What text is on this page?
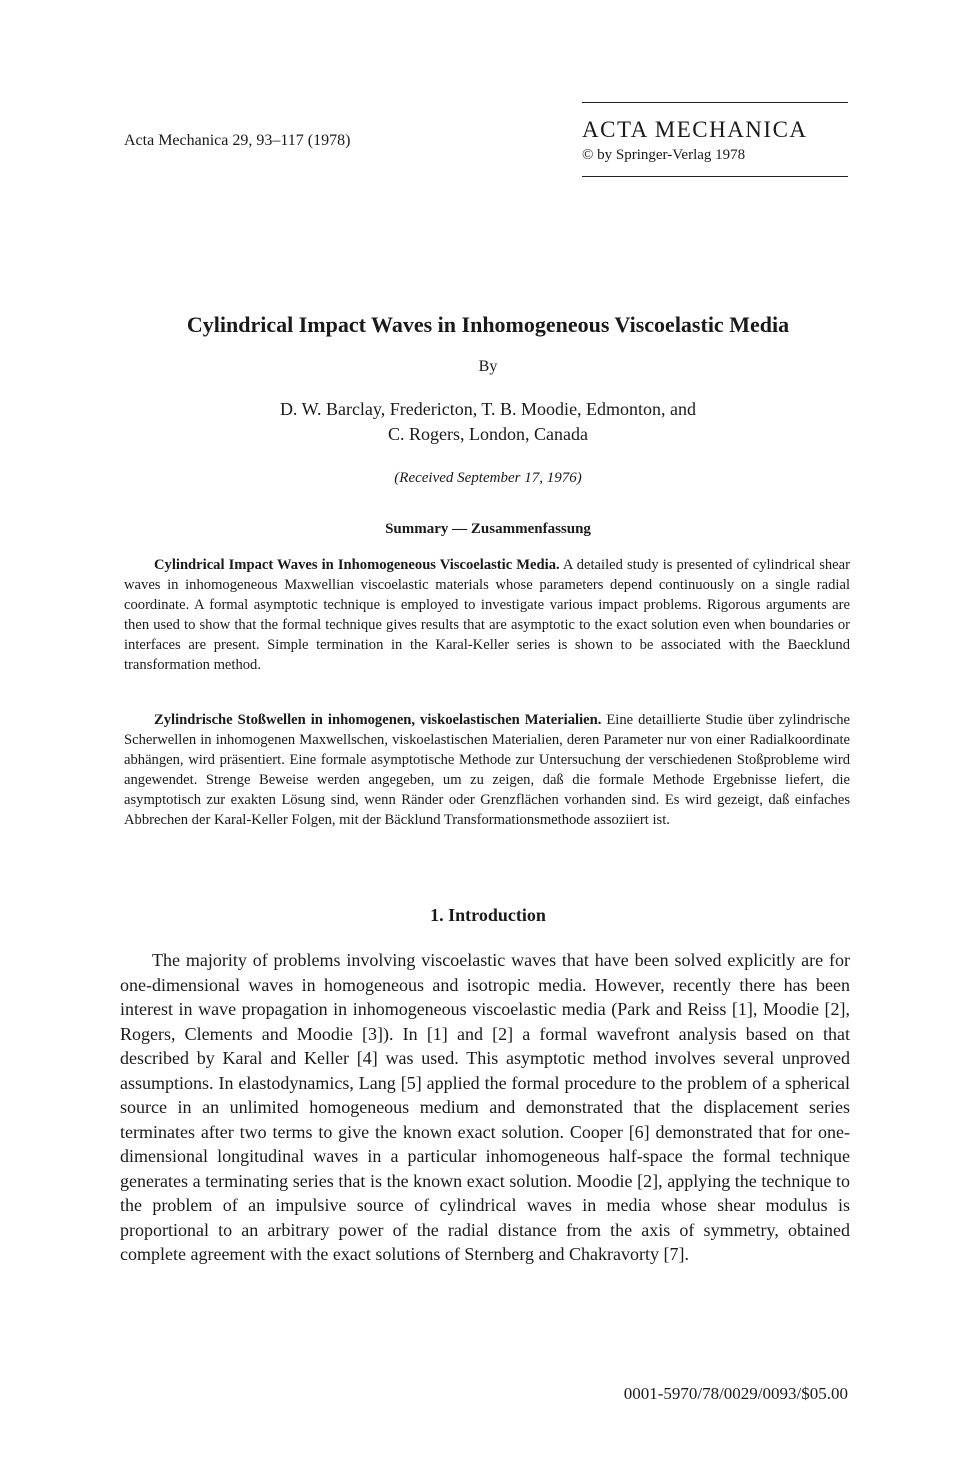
Acta Mechanica 29, 93–117 (1978)	ACTA MECHANICA
© by Springer-Verlag 1978
Cylindrical Impact Waves in Inhomogeneous Viscoelastic Media
By
D. W. Barclay, Fredericton, T. B. Moodie, Edmonton, and
C. Rogers, London, Canada
(Received September 17, 1976)
Summary — Zusammenfassung

Cylindrical Impact Waves in Inhomogeneous Viscoelastic Media. A detailed study is presented of cylindrical shear waves in inhomogeneous Maxwellian viscoelastic materials whose parameters depend continuously on a single radial coordinate. A formal asymptotic technique is employed to investigate various impact problems. Rigorous arguments are then used to show that the formal technique gives results that are asymptotic to the exact solution even when boundaries or interfaces are present. Simple termination in the Karal-Keller series is shown to be associated with the Baecklund transformation method.

Zylindrische Stoßwellen in inhomogenen, viskoelastischen Materialien. Eine detaillierte Studie über zylindrische Scherwellen in inhomogenen Maxwellschen, viskoelastischen Materialien, deren Parameter nur von einer Radialkoordinate abhängen, wird präsentiert. Eine formale asymptotische Methode zur Untersuchung der verschiedenen Stoßprobleme wird angewendet. Strenge Beweise werden angegeben, um zu zeigen, daß die formale Methode Ergebnisse liefert, die asymptotisch zur exakten Lösung sind, wenn Ränder oder Grenzflächen vorhanden sind. Es wird gezeigt, daß einfaches Abbrechen der Karal-Keller Folgen, mit der Bäcklund Transformationsmethode assoziiert ist.

1. Introduction

The majority of problems involving viscoelastic waves that have been solved explicitly are for one-dimensional waves in homogeneous and isotropic media. However, recently there has been interest in wave propagation in inhomogeneous viscoelastic media (Park and Reiss [1], Moodie [2], Rogers, Clements and Moodie [3]). In [1] and [2] a formal wavefront analysis based on that described by Karal and Keller [4] was used. This asymptotic method involves several unproved assumptions. In elastodynamics, Lang [5] applied the formal procedure to the problem of a spherical source in an unlimited homogeneous medium and demonstrated that the displacement series terminates after two terms to give the known exact solution. Cooper [6] demonstrated that for one-dimensional longitudinal waves in a particular inhomogeneous half-space the formal technique generates a terminating series that is the known exact solution. Moodie [2], applying the technique to the problem of an impulsive source of cylindrical waves in media whose shear modulus is proportional to an arbitrary power of the radial distance from the axis of symmetry, obtained complete agreement with the exact solutions of Sternberg and Chakravorty [7].

0001-5970/78/0029/0093/$05.00
